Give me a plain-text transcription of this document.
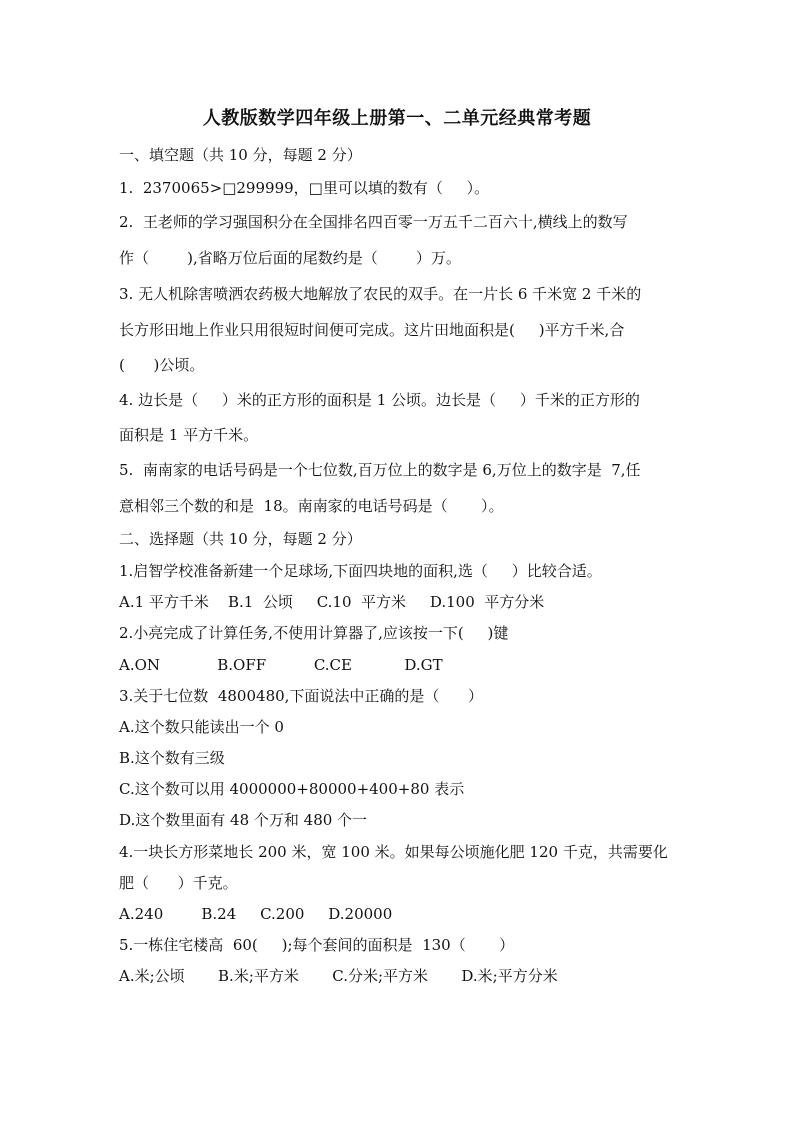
人教版数学四年级上册第一、二单元经典常考题
一、填空题（共 10 分，每题 2 分）
1.  2370065>□299999，□里可以填的数有（     ）。
2.  王老师的学习强国积分在全国排名四百零一万五千二百六十,横线上的数写
作（        ),省略万位后面的尾数约是（        ）万。
3. 无人机除害喷洒农药极大地解放了农民的双手。在一片长 6 千米宽 2 千米的
长方形田地上作业只用很短时间便可完成。这片田地面积是(     )平方千米,合
(      )公顷。
4. 边长是（     ）米的正方形的面积是 1 公顷。边长是（     ）千米的正方形的
面积是 1 平方千米。
5.  南南家的电话号码是一个七位数,百万位上的数字是 6,万位上的数字是  7,任
意相邻三个数的和是  18。南南家的电话号码是（       ）。
二、选择题（共 10 分，每题 2 分）
1.启智学校准备新建一个足球场,下面四块地的面积,选（     ）比较合适。
A.1 平方千米    B.1  公顷     C.10  平方米     D.100  平方分米
2.小亮完成了计算任务,不使用计算器了,应该按一下(     )键
A.ON            B.OFF          C.CE           D.GT
3.关于七位数  4800480,下面说法中正确的是（      ）
A.这个数只能读出一个 0
B.这个数有三级
C.这个数可以用 4000000+80000+400+80 表示
D.这个数里面有 48 个万和 480 个一
4.一块长方形菜地长 200 米，宽 100 米。如果每公顷施化肥 120 千克，共需要化
肥（      ）千克。
A.240        B.24     C.200     D.20000
5.一栋住宅楼高  60(     );每个套间的面积是  130（       ）
A.米;公顷       B.米;平方米       C.分米;平方米       D.米;平方分米
